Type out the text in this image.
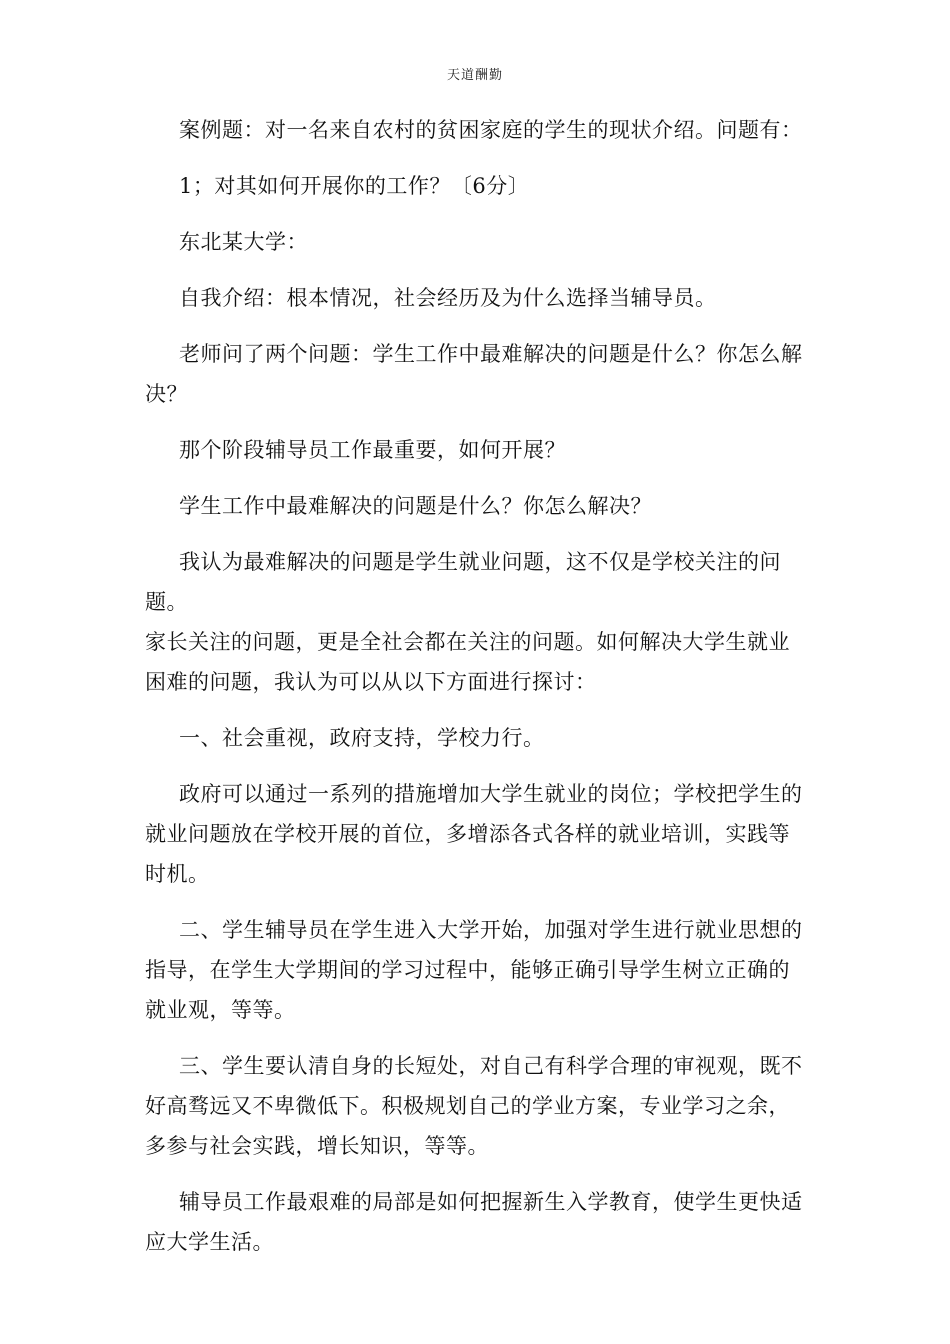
天道酬勤

案例题：对一名来自农村的贫困家庭的学生的现状介绍。问题有：

1；对其如何开展你的工作？〔6分〕

东北某大学：

自我介绍：根本情况，社会经历及为什么选择当辅导员。

老师问了两个问题：学生工作中最难解决的问题是什么？你怎么解
决？

那个阶段辅导员工作最重要，如何开展？

学生工作中最难解决的问题是什么？你怎么解决？

我认为最难解决的问题是学生就业问题，这不仅是学校关注的问题。
家长关注的问题，更是全社会都在关注的问题。如何解决大学生就业
困难的问题，我认为可以从以下方面进行探讨：

一、社会重视，政府支持，学校力行。

政府可以通过一系列的措施增加大学生就业的岗位；学校把学生的
就业问题放在学校开展的首位，多增添各式各样的就业培训，实践等
时机。

二、学生辅导员在学生进入大学开始，加强对学生进行就业思想的
指导，在学生大学期间的学习过程中，能够正确引导学生树立正确的
就业观，等等。

三、学生要认清自身的长短处，对自己有科学合理的审视观，既不
好高骛远又不卑微低下。积极规划自己的学业方案，专业学习之余，
多参与社会实践，增长知识，等等。

辅导员工作最艰难的局部是如何把握新生入学教育，使学生更快适
应大学生活。
